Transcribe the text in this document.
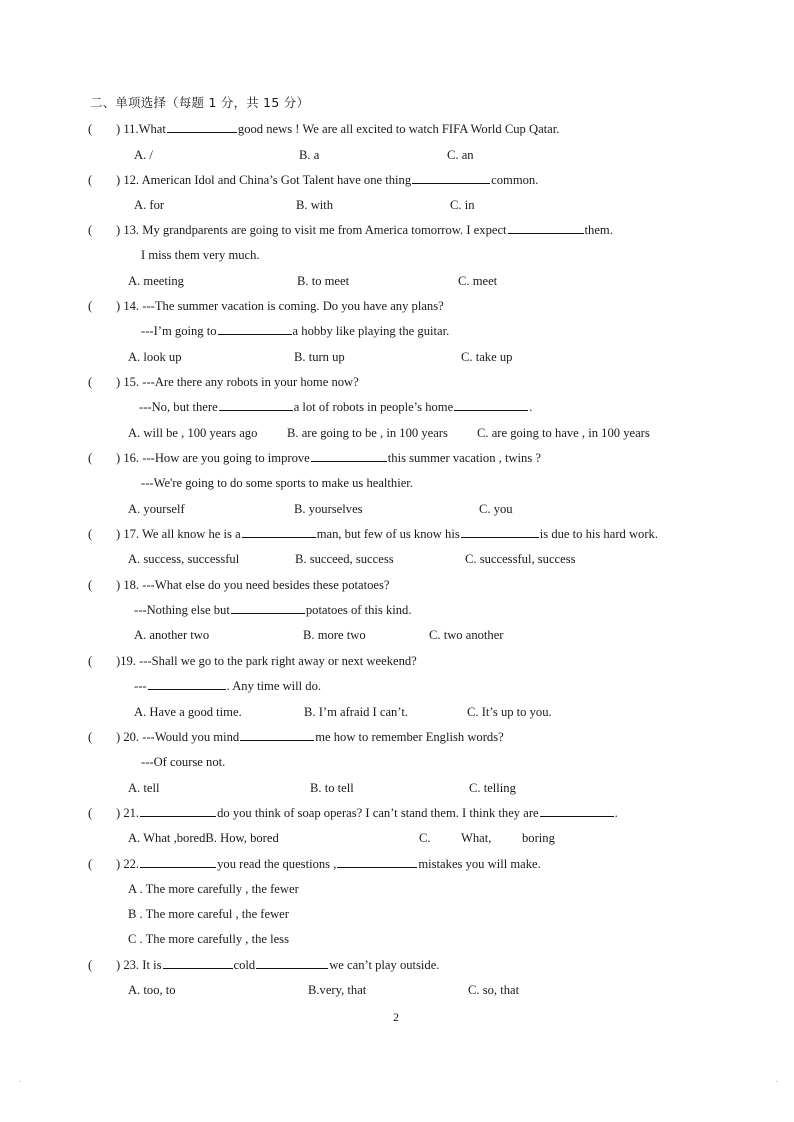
二、单项选择（每题 1 分，共 15 分）
( ) 11.What	good news ! We are all excited to watch FIFA World Cup Qatar.
A. /	B. a	C. an
( ) 12. American Idol and China’s Got Talent have one thing	common.
A. for	B. with	C. in
( ) 13. My grandparents are going to visit me from America tomorrow. I expect	them.
I miss them very much.
A. meeting	B. to meet	C. meet
( ) 14. ---The summer vacation is coming. Do you have any plans?
---I’m going to	a hobby like playing the guitar.
A. look up	B. turn up	C. take up
( ) 15. ---Are there any robots in your home now?
---No, but there	a lot of robots in people’s home	.
A. will be , 100 years ago B. are going to be , in 100 years C. are going to have , in 100 years
( ) 16. ---How are you going to improve	this summer vacation , twins ?
---We're going to do some sports to make us healthier.
A. yourself	B. yourselves	C. you
( ) 17. We all know he is a	man, but few of us know his	is due to his hard work.
A. success, successful	B. succeed, success	C. successful, success
( ) 18. ---What else do you need besides these potatoes?
---Nothing else but	potatoes of this kind.
A. another two	B. more two	C. two another
( )19. ---Shall we go to the park right away or next weekend?
---	. Any time will do.
A. Have a good time.	B. I’m afraid I can’t.	C. It’s up to you.
( ) 20. ---Would you mind	me how to remember English words?
---Of course not.
A. tell	B. to tell	C. telling
( ) 21.	do you think of soap operas? I can’t stand them. I think they are	.
A. What ,boredB. How, bored	C. What, boring
( ) 22.	you read the questions ,	mistakes you will make.
A . The more carefully , the fewer
B . The more careful , the fewer
C . The more carefully , the less
( ) 23. It is	cold	we can’t play outside.
A. too, to	B.very, that	C. so, that
2
·	·
